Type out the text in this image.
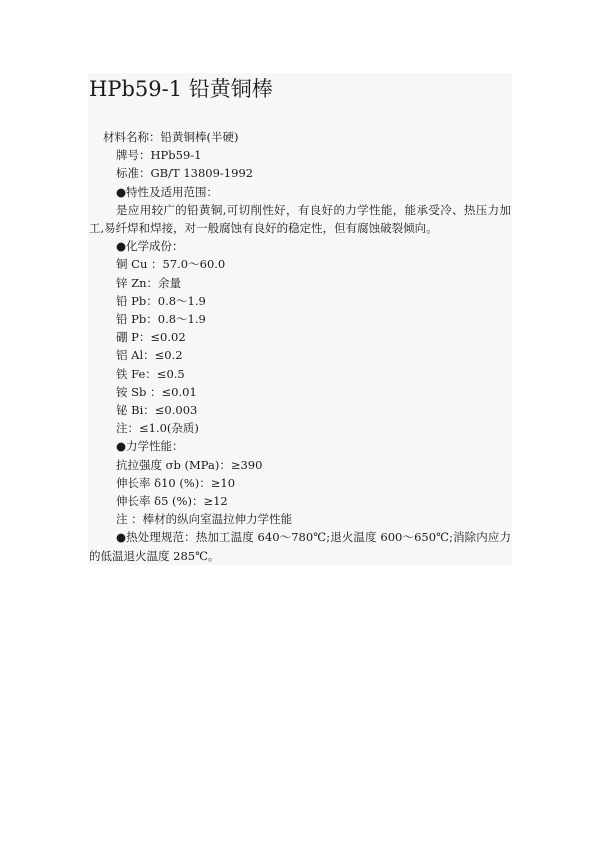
HPb59-1 铅黄铜棒
材料名称：铅黄铜棒(半硬)
牌号：HPb59-1
标准：GB/T 13809-1992
●特性及适用范围：

是应用较广的铅黄铜,可切削性好，有良好的力学性能，能承受冷、热压力加工,易纤焊和焊接，对一般腐蚀有良好的稳定性，但有腐蚀破裂倾向。

●化学成份：
铜 Cu ：57.0～60.0
锌 Zn：余量
铅 Pb：0.8～1.9
铅 Pb：0.8～1.9
硼 P：≤0.02
铝 Al：≤0.2
铁 Fe：≤0.5
铵 Sb ：≤0.01
铋 Bi：≤0.003
注：≤1.0(杂质)
●力学性能：
抗拉强度 σb (MPa)：≥390
伸长率 δ10 (%)：≥10
伸长率 δ5 (%)：≥12
注 ：棒材的纵向室温拉伸力学性能

●热处理规范：热加工温度 640～780℃;退火温度 600～650℃;消除内应力的低温退火温度 285℃。
